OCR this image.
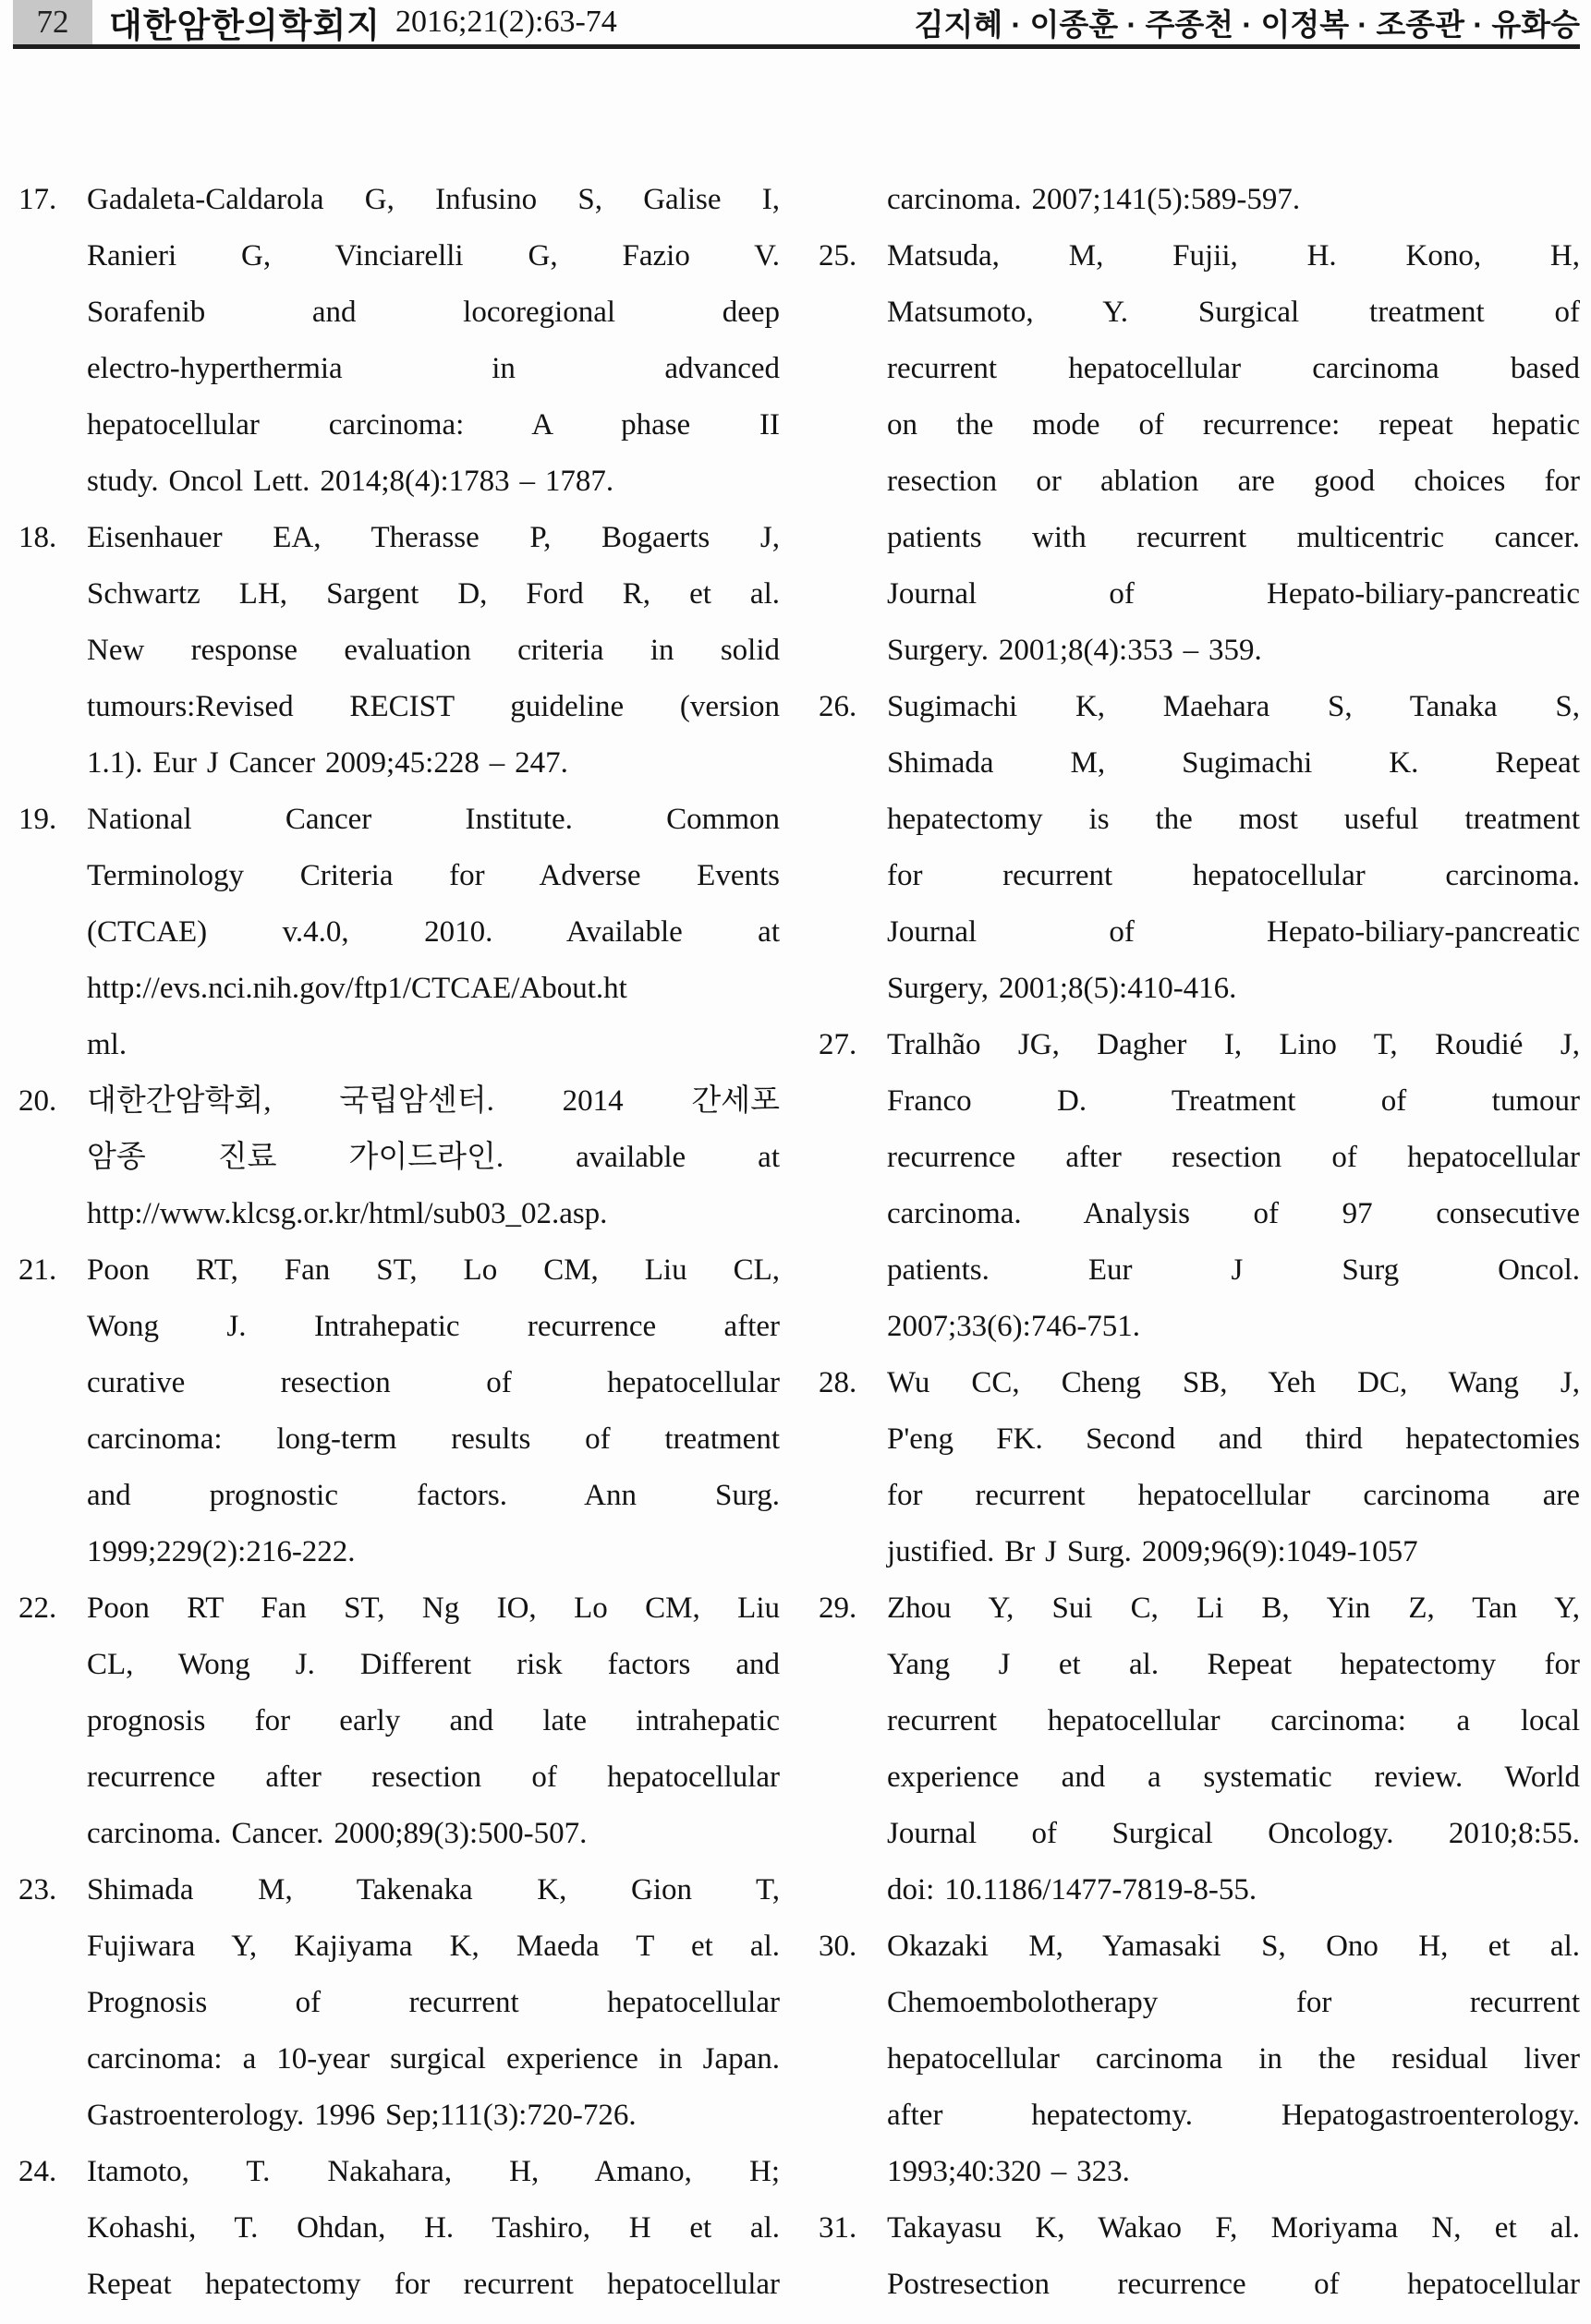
72 대한암한의학회지 2016;21(2):63-74	김지혜 · 이종훈 · 주종천 · 이정복 · 조종관 · 유화승
17. Gadaleta-Caldarola G, Infusino S, Galise I,
Ranieri G, Vinciarelli G, Fazio V.
Sorafenib and locoregional deep
electro-hyperthermia in advanced
hepatocellular carcinoma: A phase II
study. Oncol Lett. 2014;8(4):1783 – 1787.
18. Eisenhauer EA, Therasse P, Bogaerts J,
Schwartz LH, Sargent D, Ford R, et al.
New response evaluation criteria in solid
tumours:Revised RECIST guideline (version
1.1). Eur J Cancer 2009;45:228 – 247.
19. National Cancer Institute. Common
Terminology Criteria for Adverse Events
(CTCAE) v.4.0, 2010. Available at
http://evs.nci.nih.gov/ftp1/CTCAE/About.ht
ml.
20. 대한간암학회, 국립암센터. 2014 간세포
암종 진료 가이드라인. available at
http://www.klcsg.or.kr/html/sub03_02.asp.
21. Poon RT, Fan ST, Lo CM, Liu CL,
Wong J. Intrahepatic recurrence after
curative resection of hepatocellular
carcinoma: long-term results of treatment
and prognostic factors. Ann Surg.
1999;229(2):216-222.
22. Poon RT Fan ST, Ng IO, Lo CM, Liu
CL, Wong J. Different risk factors and
prognosis for early and late intrahepatic
recurrence after resection of hepatocellular
carcinoma. Cancer. 2000;89(3):500-507.
23. Shimada M, Takenaka K, Gion T,
Fujiwara Y, Kajiyama K, Maeda T et al.
Prognosis of recurrent hepatocellular
carcinoma: a 10-year surgical experience in Japan.
Gastroenterology. 1996 Sep;111(3):720-726.
24. Itamoto, T. Nakahara, H, Amano, H;
Kohashi, T. Ohdan, H. Tashiro, H et al.
Repeat hepatectomy for recurrent hepatocellular
carcinoma. 2007;141(5):589-597.
25. Matsuda, M, Fujii, H. Kono, H,
Matsumoto, Y. Surgical treatment of
recurrent hepatocellular carcinoma based
on the mode of recurrence: repeat hepatic
resection or ablation are good choices for
patients with recurrent multicentric cancer.
Journal of Hepato-biliary-pancreatic
Surgery. 2001;8(4):353 – 359.
26. Sugimachi K, Maehara S, Tanaka S,
Shimada M, Sugimachi K. Repeat
hepatectomy is the most useful treatment
for recurrent hepatocellular carcinoma.
Journal of Hepato-biliary-pancreatic
Surgery, 2001;8(5):410-416.
27. Tralhão JG, Dagher I, Lino T, Roudié J,
Franco D. Treatment of tumour
recurrence after resection of hepatocellular
carcinoma. Analysis of 97 consecutive
patients. Eur J Surg Oncol.
2007;33(6):746-751.
28. Wu CC, Cheng SB, Yeh DC, Wang J,
P'eng FK. Second and third hepatectomies
for recurrent hepatocellular carcinoma are
justified. Br J Surg. 2009;96(9):1049-1057
29. Zhou Y, Sui C, Li B, Yin Z, Tan Y,
Yang J et al. Repeat hepatectomy for
recurrent hepatocellular carcinoma: a local
experience and a systematic review. World
Journal of Surgical Oncology. 2010;8:55.
doi: 10.1186/1477-7819-8-55.
30. Okazaki M, Yamasaki S, Ono H, et al.
Chemoembolotherapy for recurrent
hepatocellular carcinoma in the residual liver
after hepatectomy. Hepatogastroenterology.
1993;40:320 – 323.
31. Takayasu K, Wakao F, Moriyama N, et al.
Postresection recurrence of hepatocellular
